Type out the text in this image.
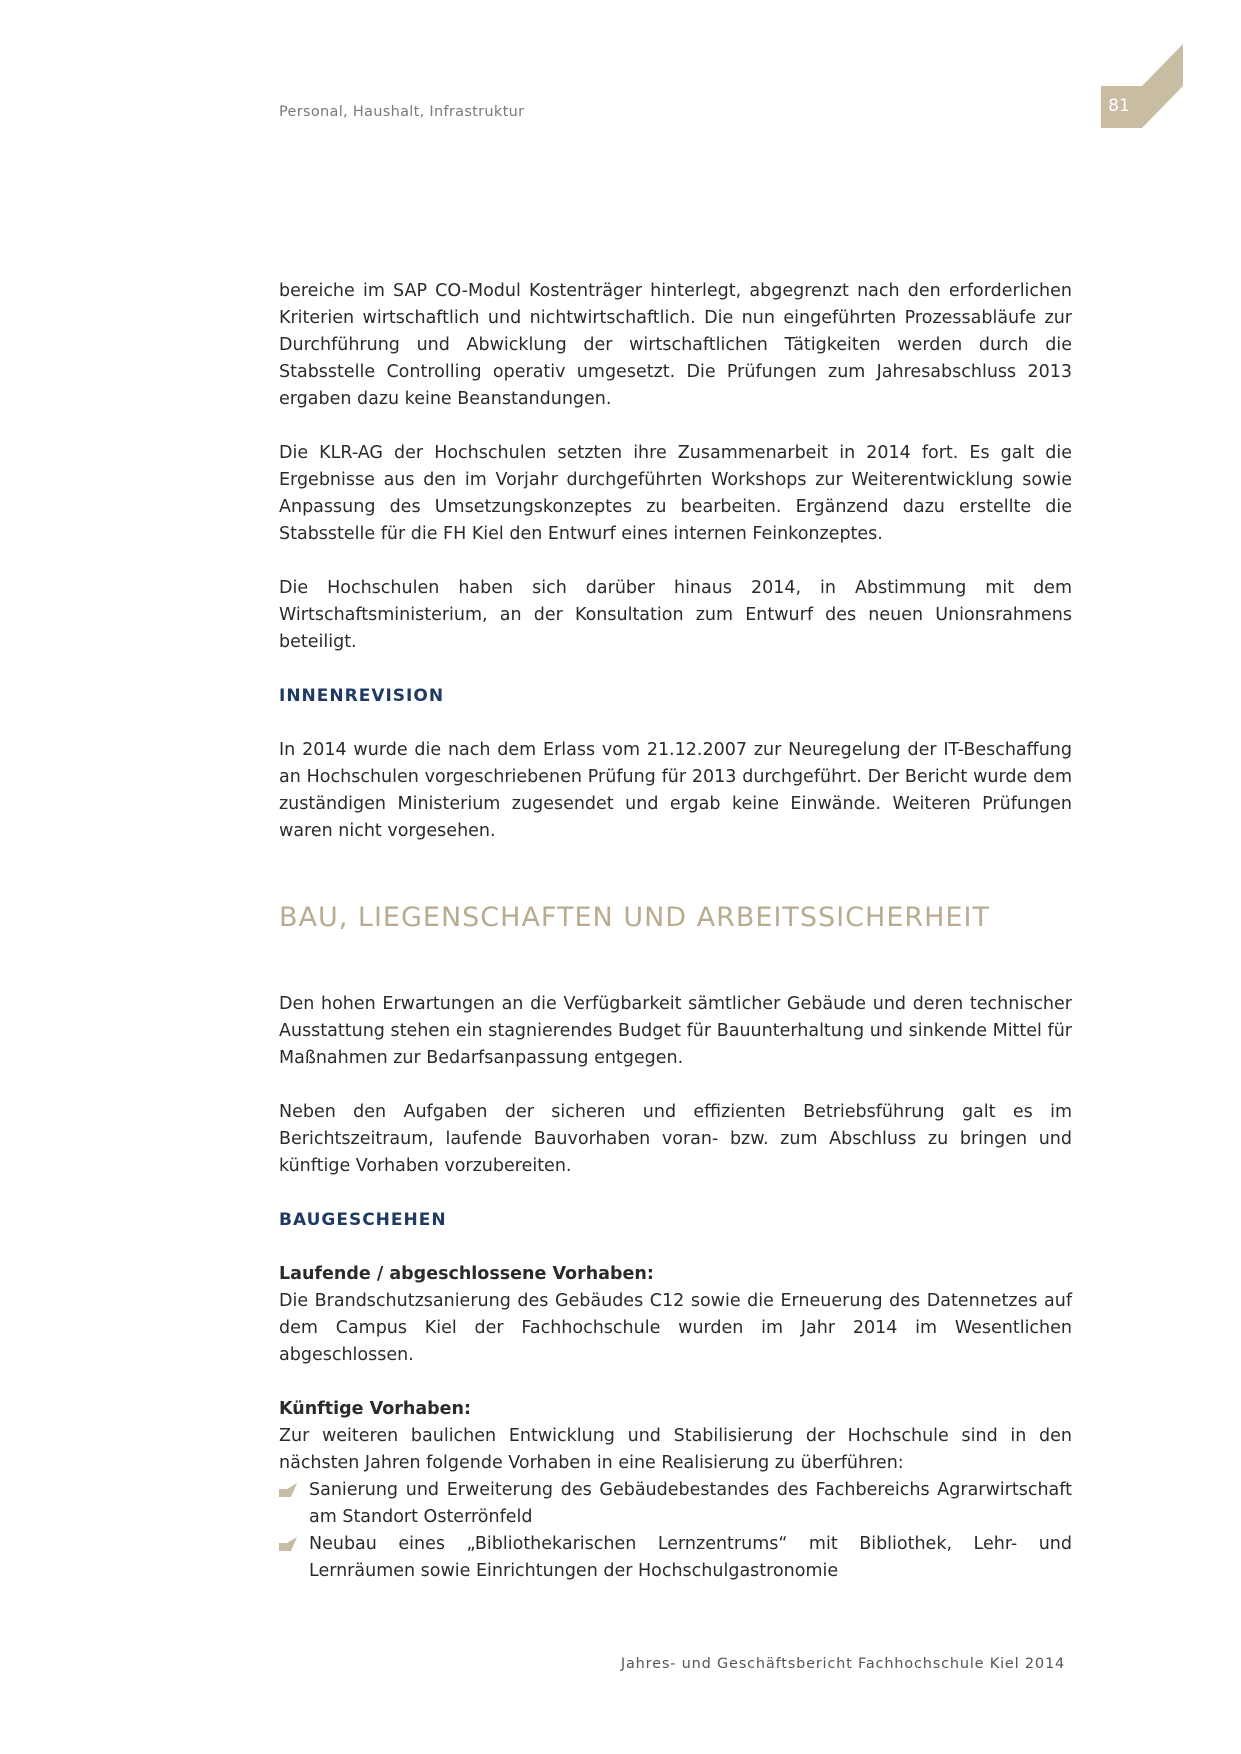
Personal, Haushalt, Infrastruktur	81

bereiche im SAP CO-Modul Kostenträger hinterlegt, abgegrenzt nach den erforderlichen Kriterien wirtschaftlich und nichtwirtschaftlich. Die nun eingeführten Prozessabläufe zur Durchführung und Abwicklung der wirtschaftlichen Tätigkeiten werden durch die Stabsstelle Controlling operativ umgesetzt. Die Prüfungen zum Jahresabschluss 2013 ergaben dazu keine Beanstandungen.

Die KLR-AG der Hochschulen setzten ihre Zusammenarbeit in 2014 fort. Es galt die Ergebnisse aus den im Vorjahr durchgeführten Workshops zur Weiterentwicklung sowie Anpassung des Umsetzungskonzeptes zu bearbeiten. Ergänzend dazu erstellte die Stabsstelle für die FH Kiel den Entwurf eines internen Feinkonzeptes.

Die Hochschulen haben sich darüber hinaus 2014, in Abstimmung mit dem Wirtschaftsministerium, an der Konsultation zum Entwurf des neuen Unionsrahmens beteiligt.

INNENREVISION

In 2014 wurde die nach dem Erlass vom 21.12.2007 zur Neuregelung der IT-Beschaffung an Hochschulen vorgeschriebenen Prüfung für 2013 durchgeführt. Der Bericht wurde dem zuständigen Ministerium zugesendet und ergab keine Einwände. Weiteren Prüfungen waren nicht vorgesehen.

BAU, LIEGENSCHAFTEN UND ARBEITSSICHERHEIT

Den hohen Erwartungen an die Verfügbarkeit sämtlicher Gebäude und deren technischer Ausstattung stehen ein stagnierendes Budget für Bauunterhaltung und sinkende Mittel für Maßnahmen zur Bedarfsanpassung entgegen.

Neben den Aufgaben der sicheren und effizienten Betriebsführung galt es im Berichtszeitraum, laufende Bauvorhaben voran- bzw. zum Abschluss zu bringen und künftige Vorhaben vorzubereiten.

BAUGESCHEHEN

Laufende / abgeschlossene Vorhaben:
Die Brandschutzsanierung des Gebäudes C12 sowie die Erneuerung des Datennetzes auf dem Campus Kiel der Fachhochschule wurden im Jahr 2014 im Wesentlichen abgeschlossen.

Künftige Vorhaben:
Zur weiteren baulichen Entwicklung und Stabilisierung der Hochschule sind in den nächsten Jahren folgende Vorhaben in eine Realisierung zu überführen:
Sanierung und Erweiterung des Gebäudebestandes des Fachbereichs Agrarwirtschaft am Standort Osterrönfeld
Neubau eines „Bibliothekarischen Lernzentrums“ mit Bibliothek, Lehr- und Lernräumen sowie Einrichtungen der Hochschulgastronomie
Jahres- und Geschäftsbericht Fachhochschule Kiel 2014
